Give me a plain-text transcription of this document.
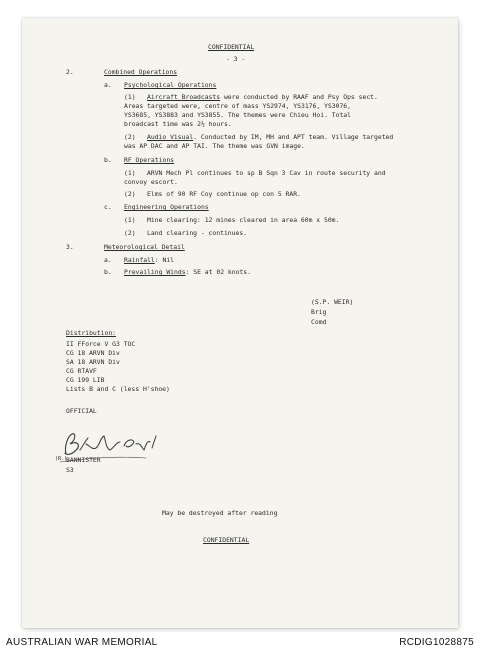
CONFIDENTIAL
- 3 -
2.	Combined Operations
a. Psychological Operations
(1) Aircraft Broadcasts were conducted by RAAF and Psy Ops sect.
Areas targeted were, centre of mass YS2974, YS3176, YS3076,
YS3685, YS3883 and YS3855. The themes were Chieu Hoi. Total
broadcast time was 2½ hours.
(2) Audio Visual. Conducted by IM, MH and APT team. Village targeted
was AP DAC and AP TAI. The theme was GVN image.
b. RF Operations
(1) ARVN Mech Pl continues to sp B Sqn 3 Cav in route security and
convoy escort.
(2) Elms of 90 RF Coy continue op con 5 RAR.
c. Engineering Operations
(1) Mine clearing: 12 mines cleared in area 60m x 50m.
(2) Land clearing - continues.
3.	Meteorological Detail
a. Rainfall: Nil
b. Prevailing Winds: SE at 02 knots.
(S.P. WEIR)
Brig
Comd
Distribution:
II FForce V G3 TOC
CG 18 ARVN Div
SA 18 ARVN Div
CG RTAVF
CG 199 LIB
Lists B and C (less H'shoe)
OFFICIAL
(R.)
BANNISTER
S3
May be destroyed after reading
CONFIDENTIAL
AUSTRALIAN WAR MEMORIAL	RCDIG1028875
